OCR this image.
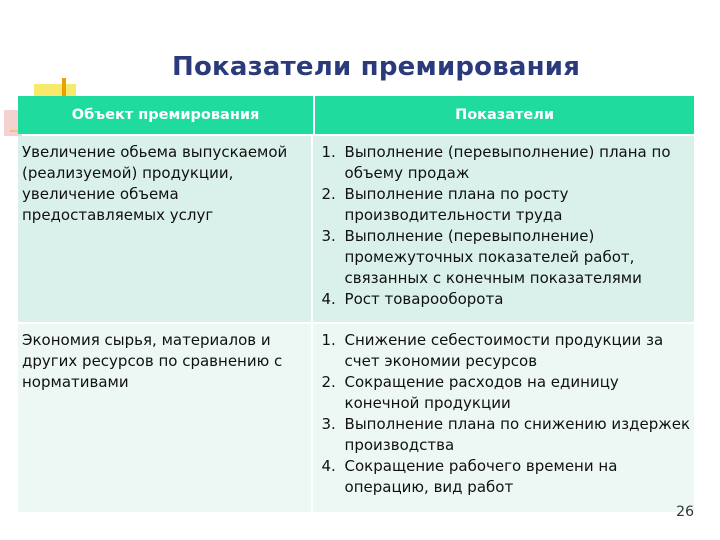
Показатели премирования
Объект премирования	Показатели
Увеличение обьема выпускаемой (реализуемой) продукции, увеличение объема предоставляемых услуг
1. Выполнение (перевыполнение) плана по объему продаж
2. Выполнение плана по росту производительности труда
3. Выполнение (перевыполнение) промежуточных показателей работ, связанных с конечным показателями
4. Рост товарооборота
Экономия сырья, материалов и других ресурсов по сравнению с нормативами
1. Снижение себестоимости продукции за счет экономии ресурсов
2. Сокращение расходов на единицу конечной продукции
3. Выполнение плана по снижению издержек производства
4. Сокращение рабочего времени на операцию, вид работ
26
